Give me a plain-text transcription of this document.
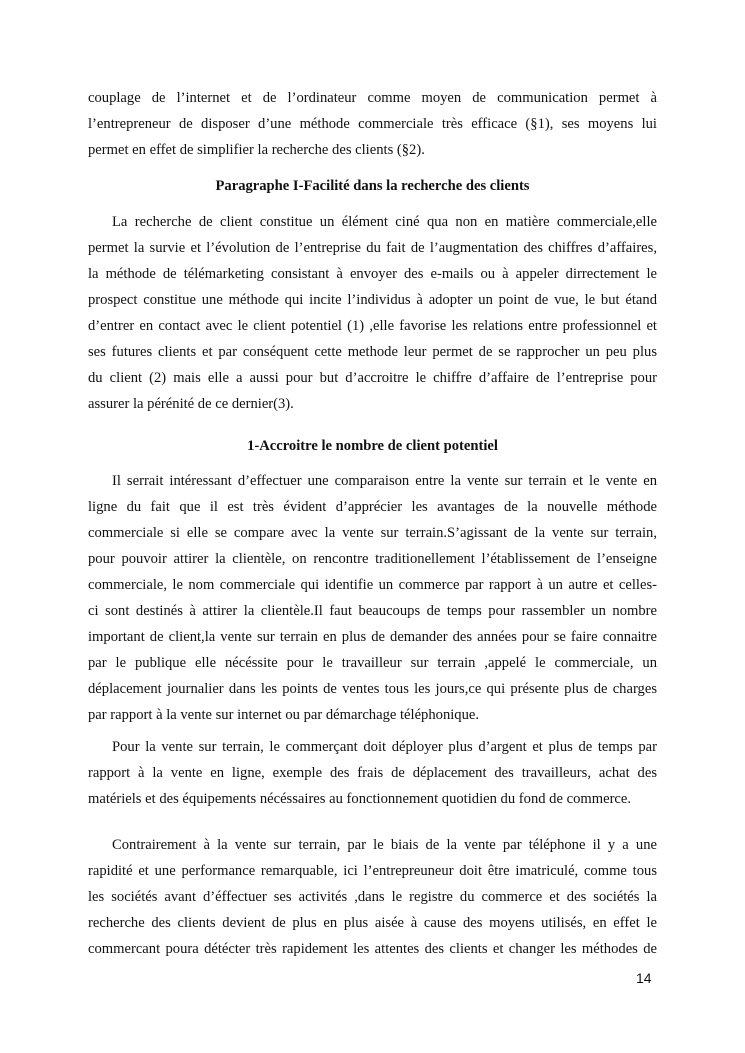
Paragraphe I-Facilité dans la recherche des clients
1-Accroitre le nombre de client potentiel
14
couplage de l’internet et de l’ordinateur comme moyen de communication permet à
l’entrepreneur de disposer d’une méthode commerciale très efficace (§1), ses moyens lui
permet en effet de simplifier la recherche des clients (§2).
La recherche de client constitue un élément ciné qua non en matière commerciale,elle
permet la survie et l’évolution de l’entreprise du fait de l’augmentation des chiffres d’affaires,
la méthode de télémarketing consistant à envoyer des e-mails ou à appeler dirrectement le
prospect constitue une méthode qui incite l’individus à adopter un point de vue, le but étand
d’entrer en contact avec le client potentiel (1) ,elle favorise les relations entre professionnel et
ses futures clients et par conséquent cette methode leur permet de se rapprocher un peu plus
du client (2) mais elle a aussi pour but d’accroitre le chiffre d’affaire de l’entreprise pour
assurer la pérénité de ce dernier(3).
Il serrait intéressant d’effectuer une comparaison entre la vente sur terrain et le vente en
ligne du fait que il est très évident d’apprécier les avantages de la nouvelle méthode
commerciale si elle se compare avec la vente sur terrain.S’agissant de la vente sur terrain,
pour pouvoir attirer la clientèle, on rencontre traditionellement l’établissement de l’enseigne
commerciale, le nom commerciale qui identifie un commerce par rapport à un autre et celles-
ci sont destinés à attirer la clientèle.Il faut beaucoups de temps pour rassembler un nombre
important de client,la vente sur terrain en plus de demander des années pour se faire connaitre
par le publique elle nécéssite pour le travailleur sur terrain ,appelé le commerciale, un
déplacement journalier dans les points de ventes tous les jours,ce qui présente plus de charges
par rapport à la vente sur internet ou par démarchage téléphonique.
Pour la vente sur terrain, le commerçant doit déployer plus d’argent et plus de temps par
rapport à la vente en ligne, exemple des frais de déplacement des travailleurs, achat des
matériels et des équipements nécéssaires au fonctionnement quotidien du fond de commerce.
Contrairement à la vente sur terrain, par le biais de la vente par téléphone il y a une
rapidité et une performance remarquable, ici l’entrepreuneur doit être imatriculé, comme tous
les sociétés avant d’éffectuer ses activités ,dans le registre du commerce et des sociétés la
recherche des clients devient de plus en plus aisée à cause des moyens utilisés, en effet le
commercant poura détécter très rapidement les attentes des clients et changer les méthodes de
